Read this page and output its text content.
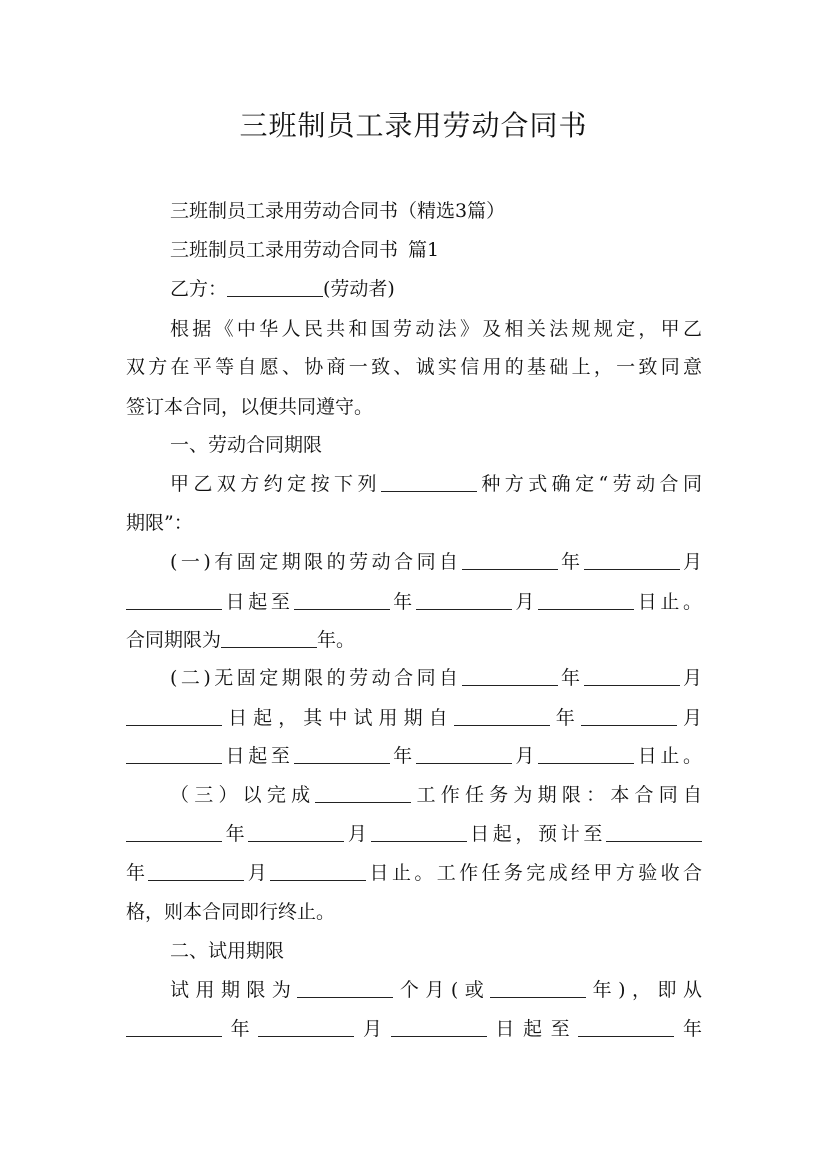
三班制员工录用劳动合同书
三班制员工录用劳动合同书（精选3篇）
三班制员工录用劳动合同书 篇1
乙方：	(劳动者)
根据《中华人民共和国劳动法》及相关法规规定，甲乙
双方在平等自愿、协商一致、诚实信用的基础上，一致同意
签订本合同，以便共同遵守。
一、劳动合同期限
甲乙双方约定按下列	种方式确定“劳动合同
期限”：
(一)有固定期限的劳动合同自	年	月
日起至	年	月	日止。
合同期限为	年。
(二)无固定期限的劳动合同自	年	月
日起，其中试用期自	年	月
日起至	年	月	日止。
（三）以完成	工作任务为期限：本合同自
年	月	日起，预计至
年	月	日止。工作任务完成经甲方验收合
格，则本合同即行终止。
二、试用期限
试用期限为	个月(或	年)，即从
年	月	日起至	年
